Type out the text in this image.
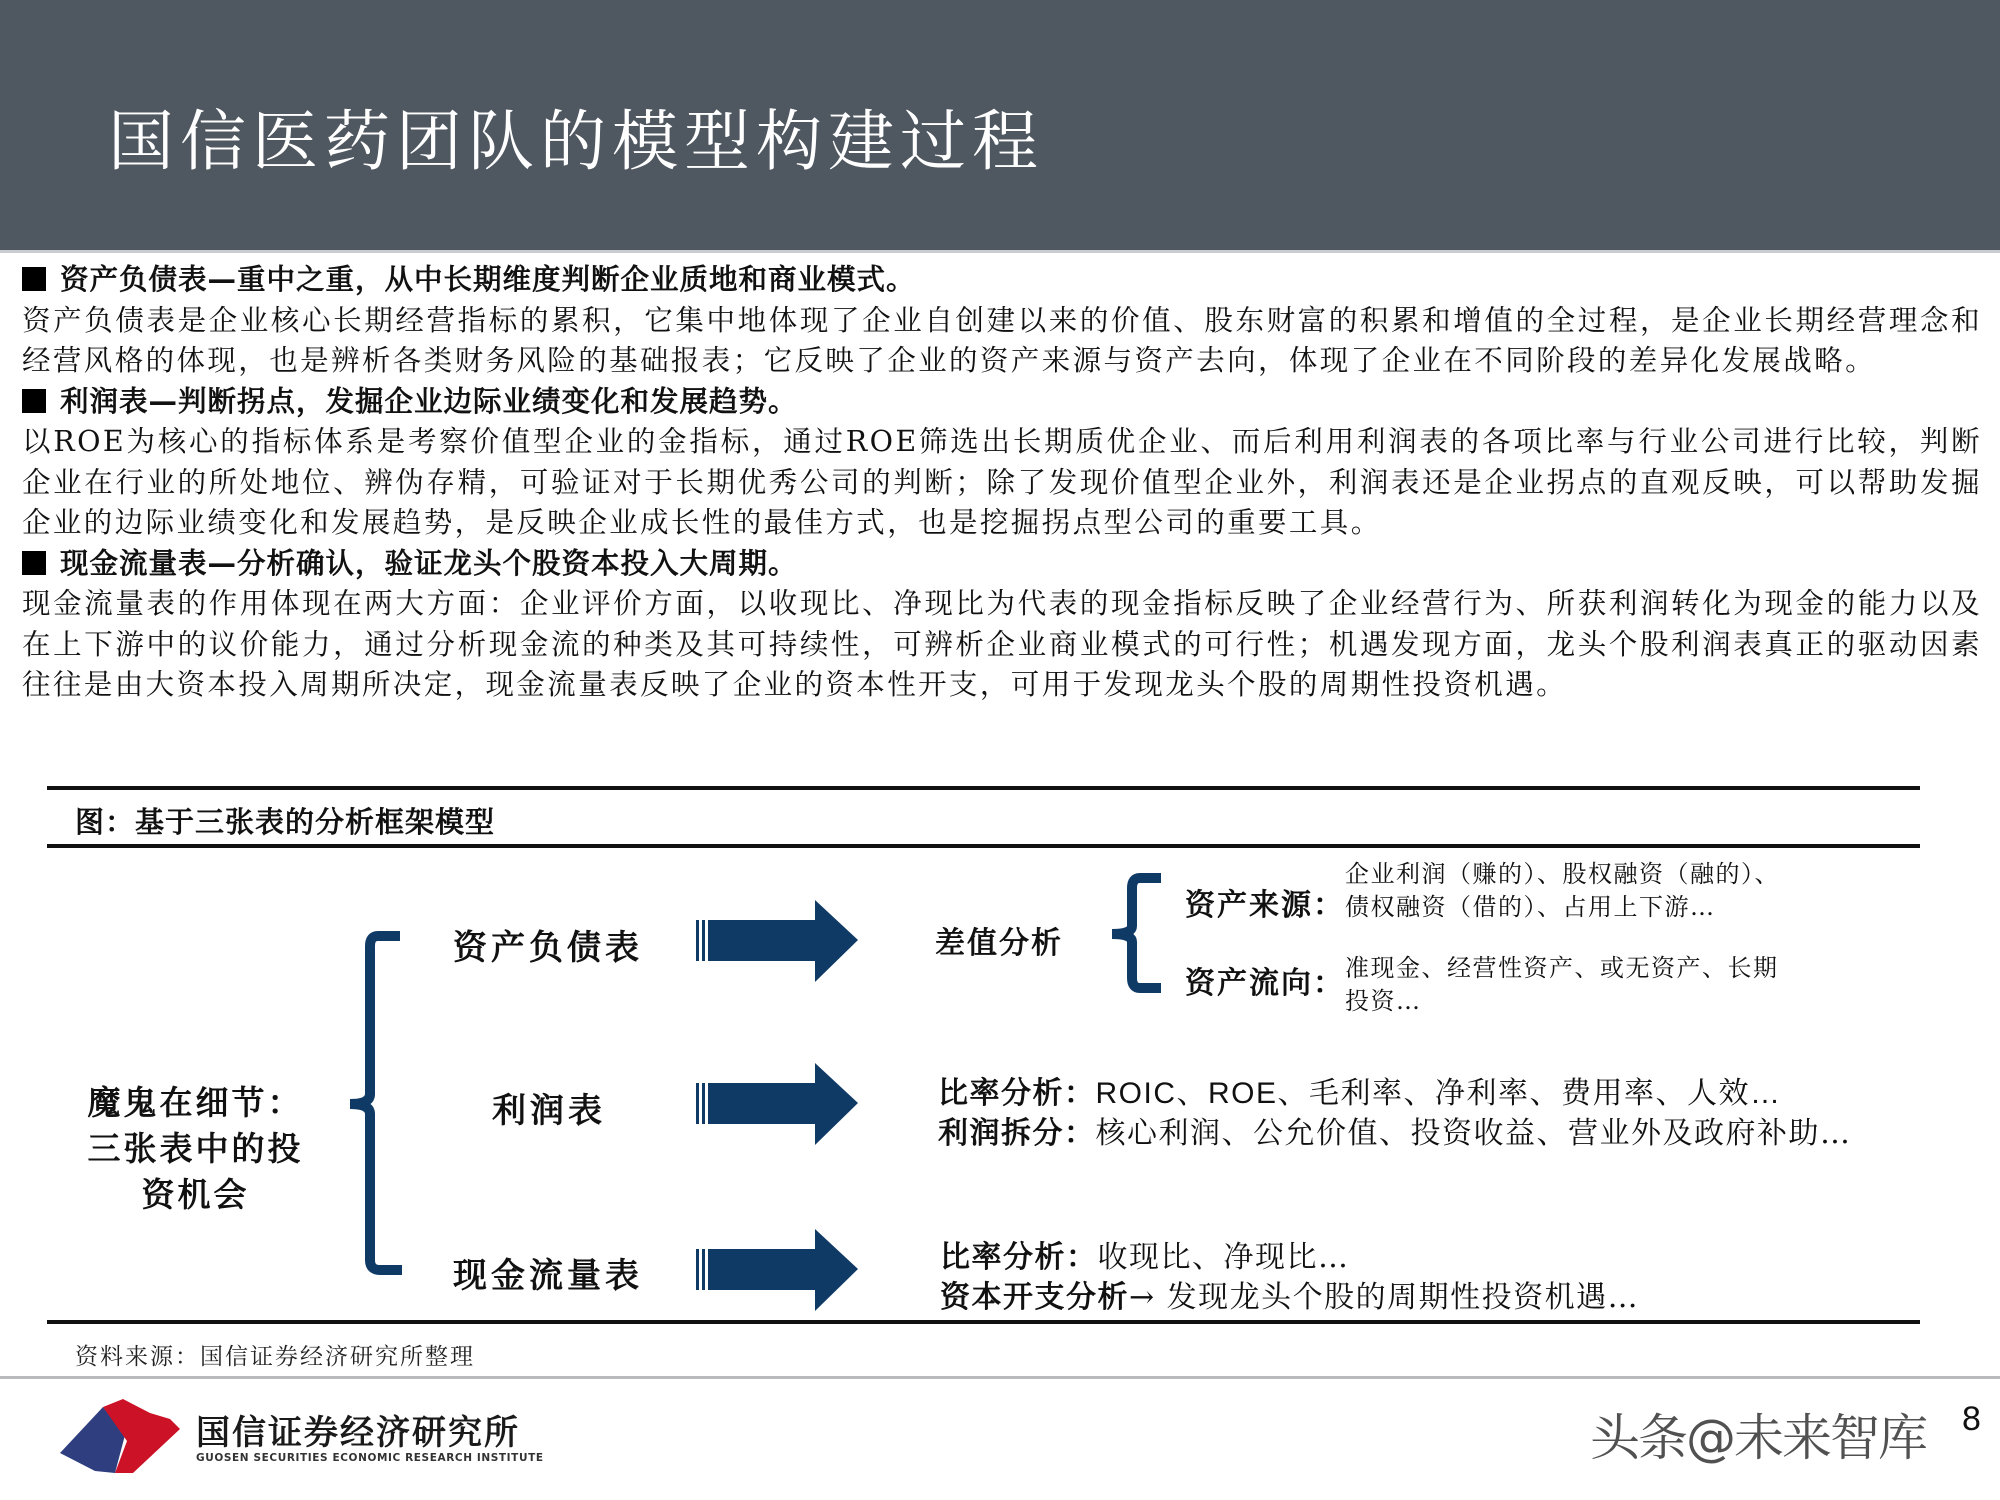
国信医药团队的模型构建过程
资产负债表—重中之重，从中长期维度判断企业质地和商业模式。
资产负债表是企业核心长期经营指标的累积，它集中地体现了企业自创建以来的价值、股东财富的积累和增值的全过程，是企业长期经营理念和经营风格的体现，也是辨析各类财务风险的基础报表；它反映了企业的资产来源与资产去向，体现了企业在不同阶段的差异化发展战略。
利润表—判断拐点，发掘企业边际业绩变化和发展趋势。
以ROE为核心的指标体系是考察价值型企业的金指标，通过ROE筛选出长期质优企业、而后利用利润表的各项比率与行业公司进行比较，判断企业在行业的所处地位、辨伪存精，可验证对于长期优秀公司的判断；除了发现价值型企业外，利润表还是企业拐点的直观反映，可以帮助发掘企业的边际业绩变化和发展趋势，是反映企业成长性的最佳方式，也是挖掘拐点型公司的重要工具。
现金流量表—分析确认，验证龙头个股资本投入大周期。
现金流量表的作用体现在两大方面：企业评价方面，以收现比、净现比为代表的现金指标反映了企业经营行为、所获利润转化为现金的能力以及在上下游中的议价能力，通过分析现金流的种类及其可持续性，可辨析企业商业模式的可行性；机遇发现方面，龙头个股利润表真正的驱动因素往往是由大资本投入周期所决定，现金流量表反映了企业的资本性开支，可用于发现龙头个股的周期性投资机遇。
图：基于三张表的分析框架模型
魔鬼在细节：
三张表中的投
资机会
资产负债表
利润表
现金流量表
差值分析
资产来源：
企业利润（赚的）、股权融资（融的）、
债权融资（借的）、占用上下游…
资产流向： 准现金、经营性资产、或无资产、长期
投资…
比率分析：ROIC、ROE、毛利率、净利率、费用率、人效…
利润拆分：核心利润、公允价值、投资收益、营业外及政府补助…
比率分析：收现比、净现比…
资本开支分析→ 发现龙头个股的周期性投资机遇…
资料来源：国信证券经济研究所整理
国信证券经济研究所
GUOSEN SECURITIES ECONOMIC RESEARCH INSTITUTE	头条@未来智库 8
